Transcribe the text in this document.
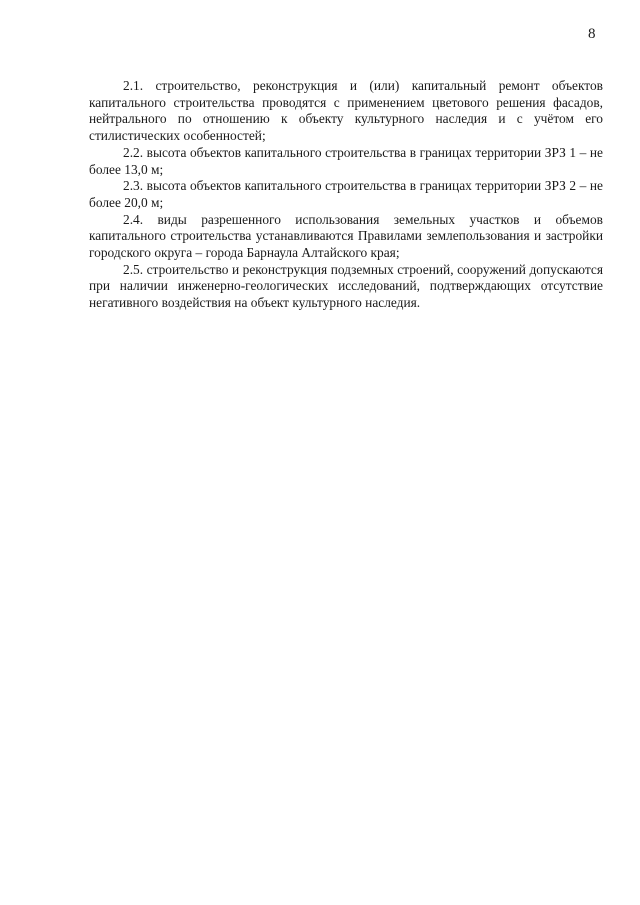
8

2.1. строительство, реконструкция и (или) капитальный ремонт объектов капитального строительства проводятся с применением цветового решения фасадов, нейтрального по отношению к объекту культурного наследия и с учётом его стилистических особенностей;

2.2. высота объектов капитального строительства в границах территории ЗРЗ 1 – не более 13,0 м;

2.3. высота объектов капитального строительства в границах территории ЗРЗ 2 – не более 20,0 м;

2.4. виды разрешенного использования земельных участков и объемов капитального строительства устанавливаются Правилами землепользования и застройки городского округа – города Барнаула Алтайского края;

2.5. строительство и реконструкция подземных строений, сооружений допускаются при наличии инженерно-геологических исследований, подтверждающих отсутствие негативного воздействия на объект культурного наследия.
